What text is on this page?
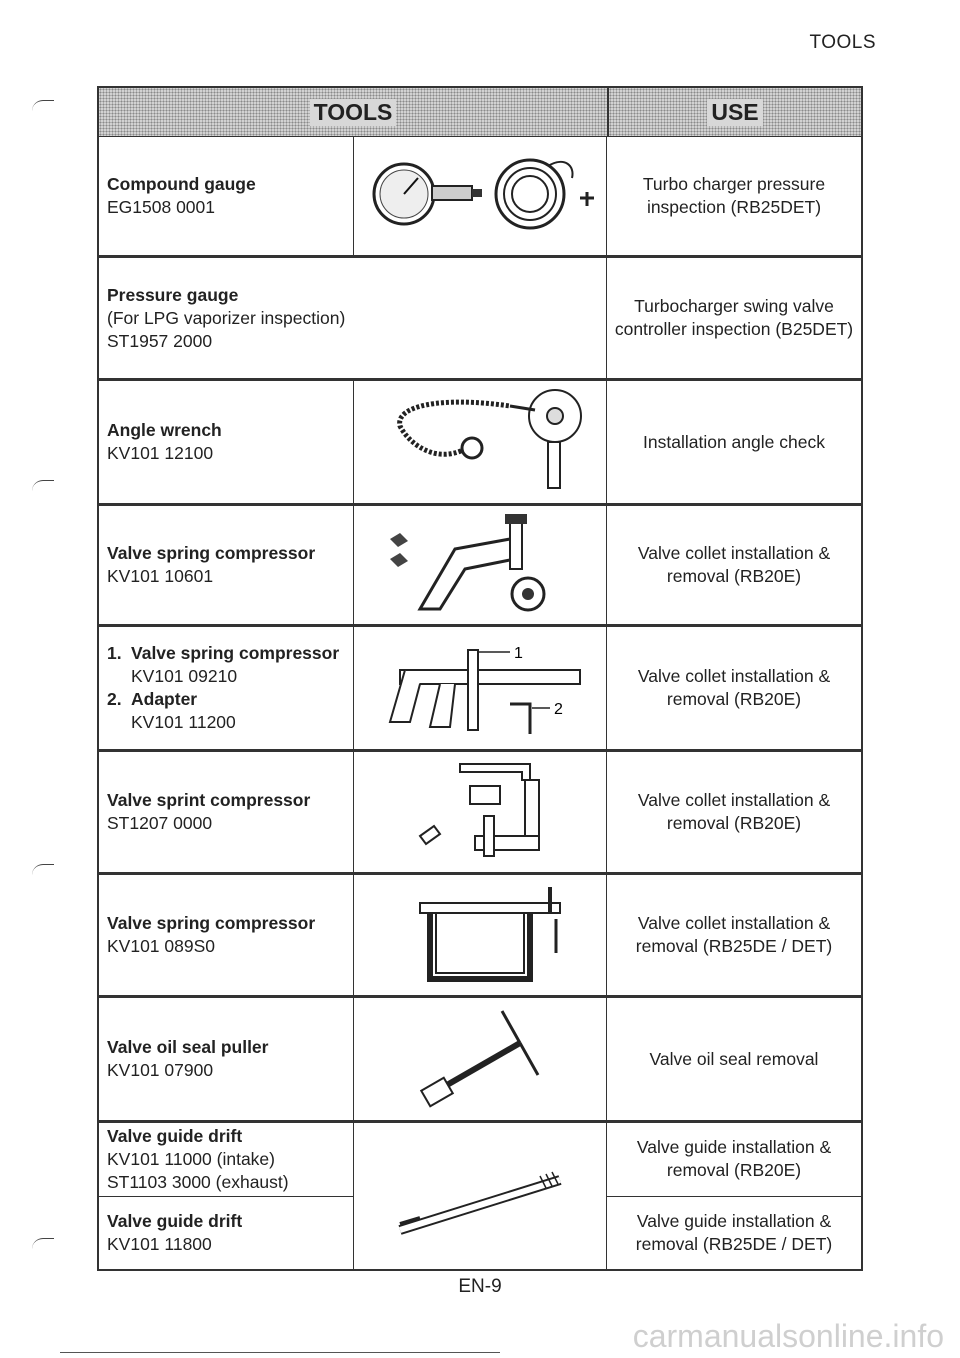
TOOLS
TOOLS	USE
Compound gauge
EG1508 0001
Turbo charger pressure inspection (RB25DET)
Pressure gauge
(For LPG vaporizer inspection)
ST1957 2000
Turbocharger swing valve controller inspection (B25DET)
Angle wrench
KV101 12100
Installation angle check
Valve spring compressor
KV101 10601
Valve collet installation & removal (RB20E)
1. Valve spring compressor
KV101 09210
2. Adapter
KV101 11200
1
2
Valve collet installation & removal (RB20E)
Valve sprint compressor
ST1207 0000
Valve collet installation & removal (RB20E)
Valve spring compressor
KV101 089S0
Valve collet installation & removal (RB25DE / DET)
Valve oil seal puller
KV101 07900
Valve oil seal removal
Valve guide drift
KV101 11000 (intake)
ST1103 3000 (exhaust)
Valve guide drift
KV101 11800
Valve guide installation & removal (RB20E)
Valve guide installation & removal (RB25DE / DET)
EN-9
carmanualsonline.info
